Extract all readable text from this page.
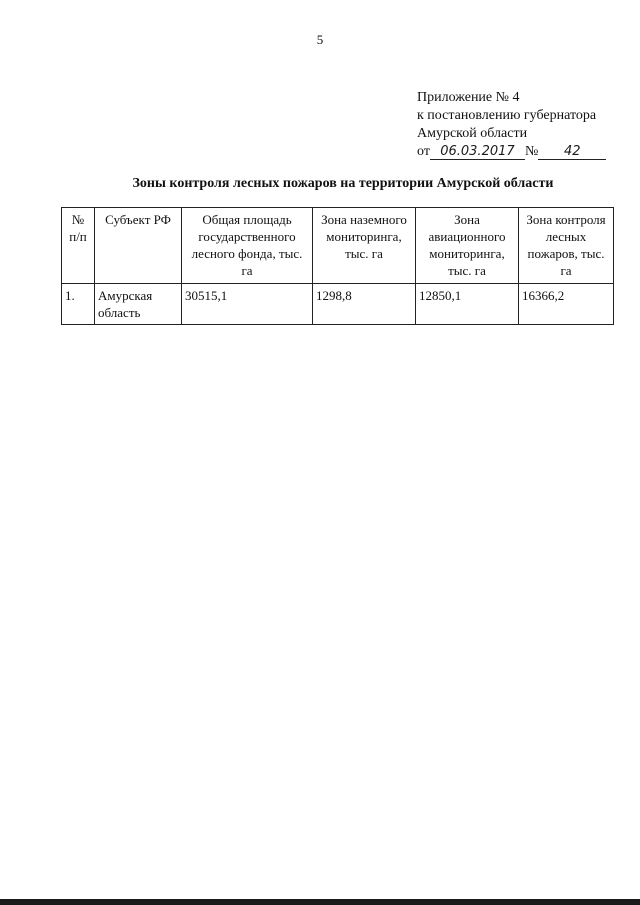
5
Приложение № 4
к постановлению губернатора
Амурской области
от 06.03.2017 № 42
Зоны контроля лесных пожаров на территории Амурской области
№ п/п	Субъект РФ	Общая площадь государственного лесного фонда, тыс. га	Зона наземного мониторинга, тыс. га	Зона авиационного мониторинга, тыс. га	Зона контроля лесных пожаров, тыс. га
1.	Амурская область	30515,1	1298,8	12850,1	16366,2
